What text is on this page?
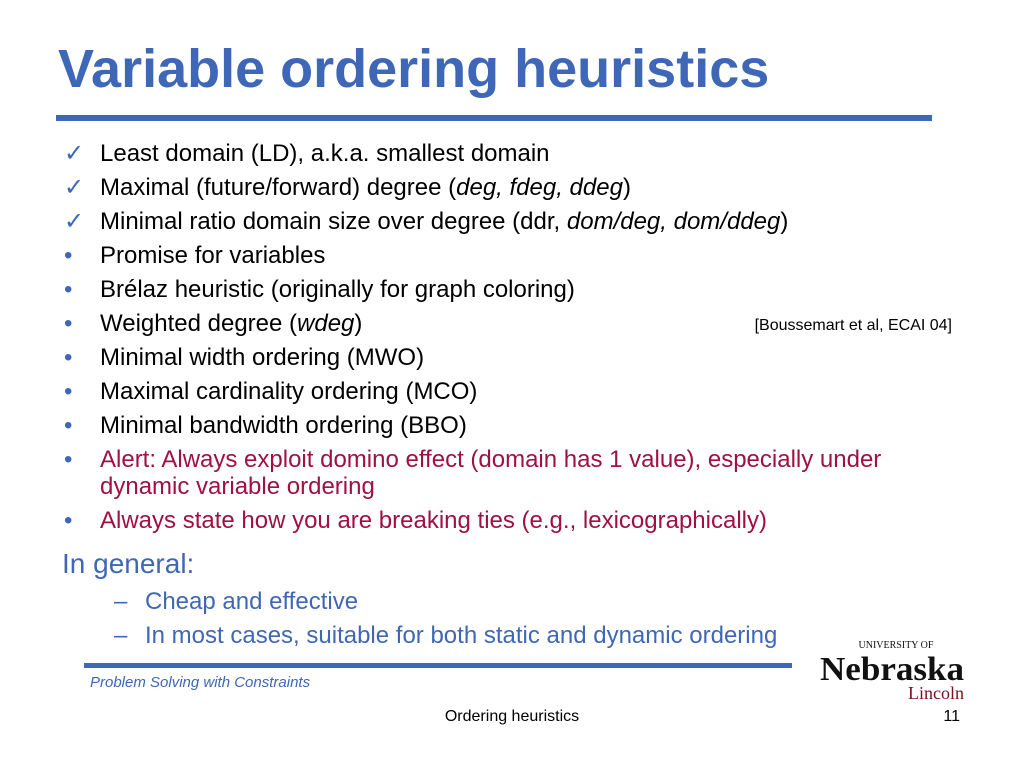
Variable ordering heuristics
✓ Least domain (LD), a.k.a. smallest domain
✓ Maximal (future/forward) degree (deg, fdeg, ddeg)
✓ Minimal ratio domain size over degree (ddr, dom/deg, dom/ddeg)
•	Promise for variables
•	Brélaz heuristic (originally for graph coloring)
•	Weighted degree (wdeg)	[Boussemart et al, ECAI 04]
•	Minimal width ordering (MWO)
•	Maximal cardinality ordering (MCO)
•	Minimal bandwidth ordering (BBO)
•	Alert: Always exploit domino effect (domain has 1 value), especially under dynamic variable ordering
•	Always state how you are breaking ties (e.g., lexicographically)
In general:
– Cheap and effective
– In most cases, suitable for both static and dynamic ordering
Problem Solving with Constraints
Ordering heuristics	11
UNIVERSITY OF
Nebraska
Lincoln
